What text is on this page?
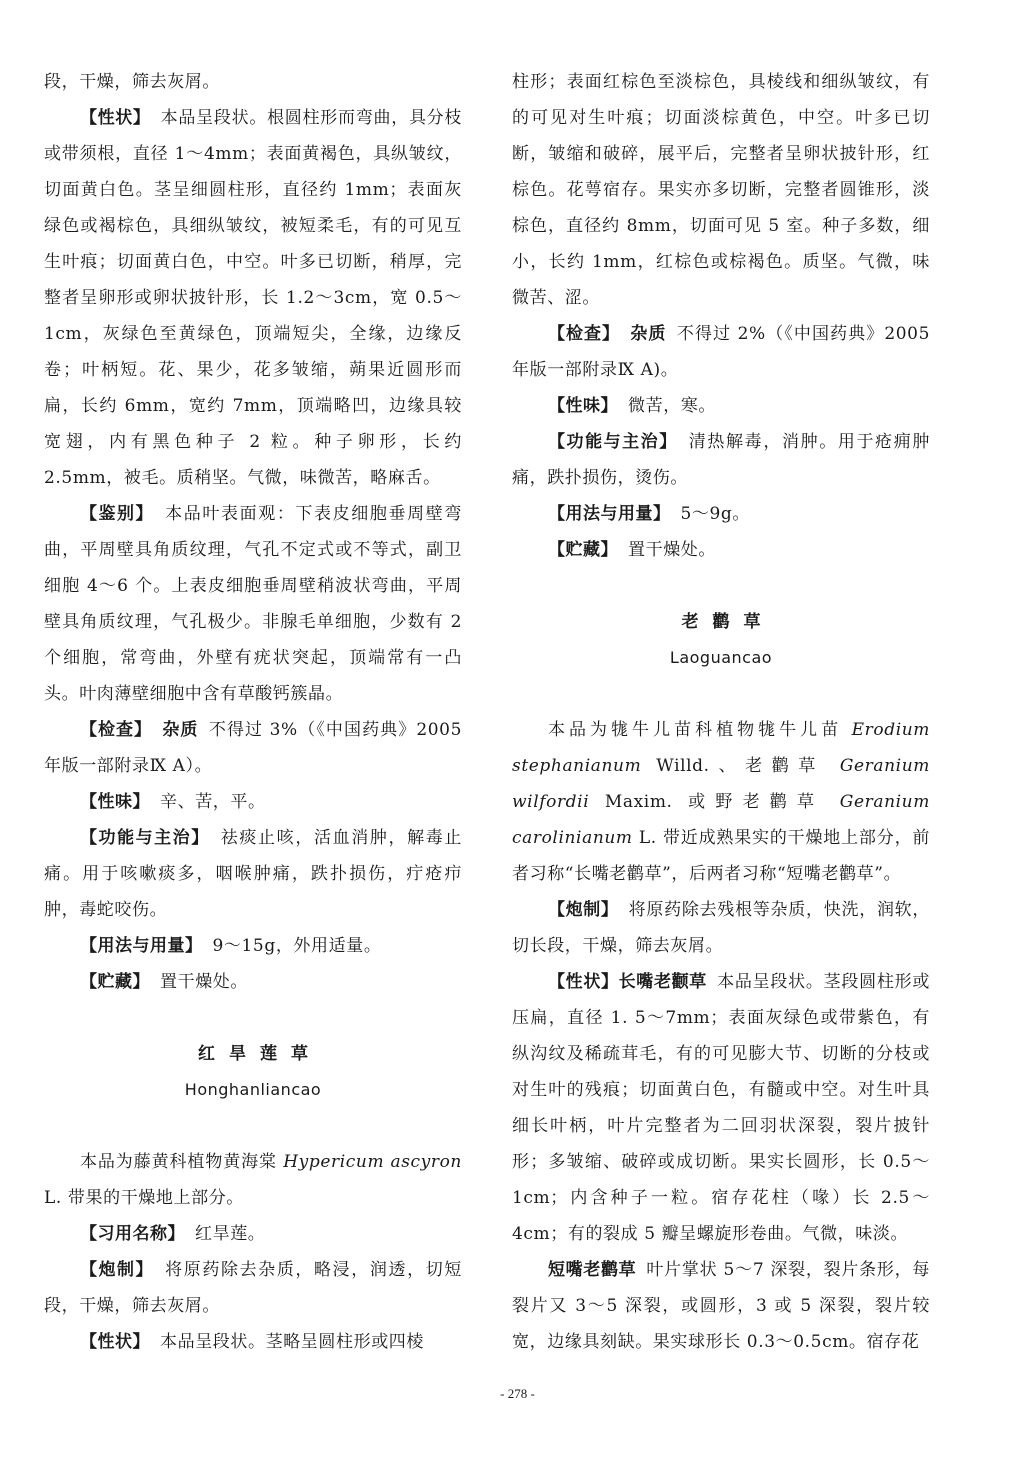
段，干燥，筛去灰屑。

【性状】 本品呈段状。根圆柱形而弯曲，具分枝或带须根，直径 1～4mm；表面黄褐色，具纵皱纹，切面黄白色。茎呈细圆柱形，直径约 1mm；表面灰绿色或褐棕色，具细纵皱纹，被短柔毛，有的可见互生叶痕；切面黄白色，中空。叶多已切断，稍厚，完整者呈卵形或卵状披针形，长 1.2～3cm，宽 0.5～1cm，灰绿色至黄绿色，顶端短尖，全缘，边缘反卷；叶柄短。花、果少，花多皱缩，蒴果近圆形而扁，长约 6mm，宽约 7mm，顶端略凹，边缘具较宽翅，内有黑色种子 2 粒。种子卵形，长约 2.5mm，被毛。质稍坚。气微，味微苦，略麻舌。

【鉴别】 本品叶表面观：下表皮细胞垂周壁弯曲，平周壁具角质纹理，气孔不定式或不等式，副卫细胞 4～6 个。上表皮细胞垂周壁稍波状弯曲，平周壁具角质纹理，气孔极少。非腺毛单细胞，少数有 2 个细胞，常弯曲，外壁有疣状突起，顶端常有一凸头。叶肉薄壁细胞中含有草酸钙簇晶。

【检查】 杂质 不得过 3%（《中国药典》2005 年版一部附录Ⅸ A）。

【性味】 辛、苦，平。

【功能与主治】 祛痰止咳，活血消肿，解毒止痛。用于咳嗽痰多，咽喉肿痛，跌扑损伤，疔疮疖肿，毒蛇咬伤。

【用法与用量】 9～15g，外用适量。

【贮藏】 置干燥处。

红旱莲草

Honghanliancao

本品为藤黄科植物黄海棠 Hypericum ascyron L. 带果的干燥地上部分。

【习用名称】 红旱莲。

【炮制】 将原药除去杂质，略浸，润透，切短段，干燥，筛去灰屑。

【性状】 本品呈段状。茎略呈圆柱形或四棱

柱形；表面红棕色至淡棕色，具棱线和细纵皱纹，有的可见对生叶痕；切面淡棕黄色，中空。叶多已切断，皱缩和破碎，展平后，完整者呈卵状披针形，红棕色。花萼宿存。果实亦多切断，完整者圆锥形，淡棕色，直径约 8mm，切面可见 5 室。种子多数，细小，长约 1mm，红棕色或棕褐色。质坚。气微，味微苦、涩。

【检查】 杂质 不得过 2%（《中国药典》2005 年版一部附录Ⅸ A)。

【性味】 微苦，寒。

【功能与主治】 清热解毒，消肿。用于疮痈肿痛，跌扑损伤，烫伤。

【用法与用量】 5～9g。

【贮藏】 置干燥处。

老鹳草

Laoguancao

本品为牻牛儿苗科植物牻牛儿苗 Erodium stephanianum Willd.、老鹳草 Geranium wilfordii Maxim. 或野老鹳草 Geranium carolinianum L. 带近成熟果实的干燥地上部分，前者习称“长嘴老鹳草”，后两者习称“短嘴老鹳草”。

【炮制】 将原药除去残根等杂质，快洗，润软，切长段，干燥，筛去灰屑。

【性状】长嘴老颧草 本品呈段状。茎段圆柱形或压扁，直径 1. 5～7mm；表面灰绿色或带紫色，有纵沟纹及稀疏茸毛，有的可见膨大节、切断的分枝或对生叶的残痕；切面黄白色，有髓或中空。对生叶具细长叶柄，叶片完整者为二回羽状深裂，裂片披针形；多皱缩、破碎或成切断。果实长圆形，长 0.5～1cm；内含种子一粒。宿存花柱（喙）长 2.5～4cm；有的裂成 5 瓣呈螺旋形卷曲。气微，味淡。

短嘴老鹳草 叶片掌状 5～7 深裂，裂片条形，每裂片又 3～5 深裂，或圆形，3 或 5 深裂，裂片较宽，边缘具刻缺。果实球形长 0.3～0.5cm。宿存花

- 278 -
